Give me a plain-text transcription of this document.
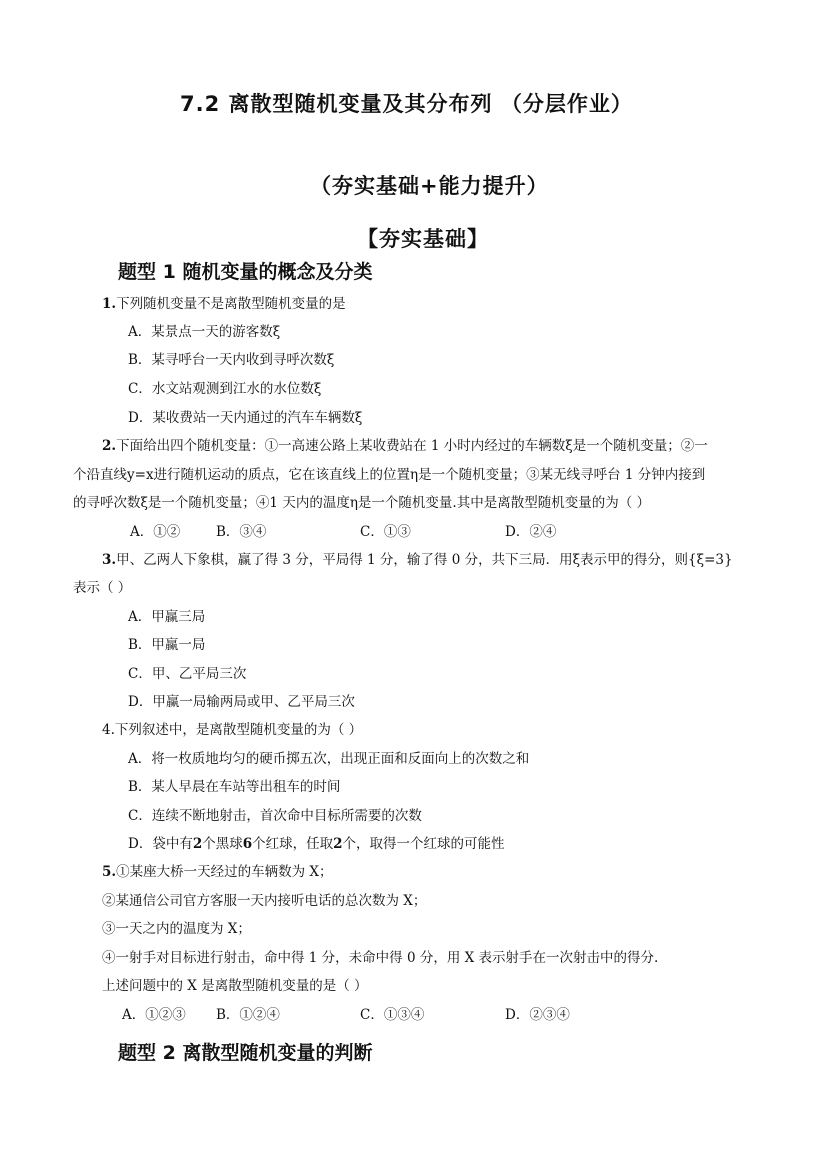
7.2 离散型随机变量及其分布列 （分层作业）
（夯实基础+能力提升）
【夯实基础】
题型 1 随机变量的概念及分类
1.下列随机变量不是离散型随机变量的是
A．某景点一天的游客数ξ
B．某寻呼台一天内收到寻呼次数ξ
C．水文站观测到江水的水位数ξ
D．某收费站一天内通过的汽车车辆数ξ
2.下面给出四个随机变量：①一高速公路上某收费站在 1 小时内经过的车辆数ξ是一个随机变量；②一
个沿直线y=x进行随机运动的质点，它在该直线上的位置η是一个随机变量；③某无线寻呼台 1 分钟内接到
的寻呼次数ξ是一个随机变量；④1 天内的温度η是一个随机变量.其中是离散型随机变量的为（ ）
A．①②	B．③④	C．①③	D．②④
3.甲、乙两人下象棋，赢了得 3 分，平局得 1 分，输了得 0 分，共下三局．用ξ表示甲的得分，则{ξ=3}
表示（ ）
A．甲赢三局
B．甲赢一局
C．甲、乙平局三次
D．甲赢一局输两局或甲、乙平局三次
4.下列叙述中，是离散型随机变量的为（ ）
A．将一枚质地均匀的硬币掷五次，出现正面和反面向上的次数之和
B．某人早晨在车站等出租车的时间
C．连续不断地射击，首次命中目标所需要的次数
D．袋中有2个黑球6个红球，任取2个，取得一个红球的可能性
5.①某座大桥一天经过的车辆数为 X；
②某通信公司官方客服一天内接听电话的总次数为 X；
③一天之内的温度为 X；
④一射手对目标进行射击，命中得 1 分，未命中得 0 分，用 X 表示射手在一次射击中的得分.
上述问题中的 X 是离散型随机变量的是（ ）
A．①②③ B．①②④	C．①③④	D．②③④
题型 2 离散型随机变量的判断
